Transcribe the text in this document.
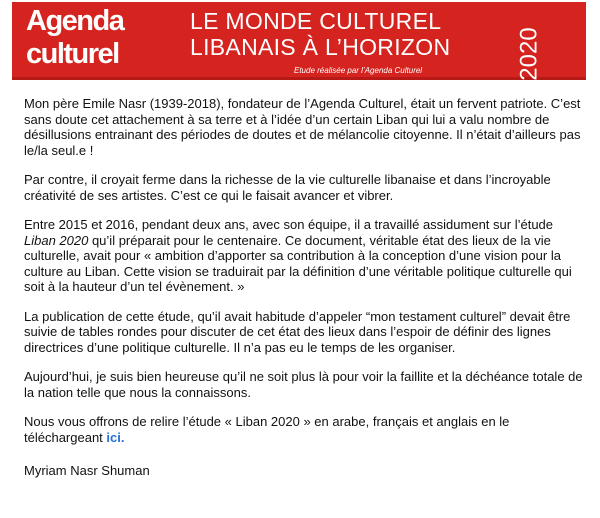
Agenda
culturel
LE MONDE CULTUREL
LIBANAIS À L’HORIZON
Etude réalisée par l’Agenda Culturel	2020

Mon père Emile Nasr (1939-2018), fondateur de l’Agenda Culturel, était un fervent patriote. C’est sans doute cet attachement à sa terre et à l’idée d’un certain Liban qui lui a valu nombre de désillusions entrainant des périodes de doutes et de mélancolie citoyenne. Il n’était d’ailleurs pas le/la seul.e !

Par contre, il croyait ferme dans la richesse de la vie culturelle libanaise et dans l’incroyable créativité de ses artistes. C’est ce qui le faisait avancer et vibrer.

Entre 2015 et 2016, pendant deux ans, avec son équipe, il a travaillé assidument sur l’étude Liban 2020 qu’il préparait pour le centenaire. Ce document, véritable état des lieux de la vie culturelle, avait pour « ambition d’apporter sa contribution à la conception d’une vision pour la culture au Liban. Cette vision se traduirait par la définition d’une véritable politique culturelle qui soit à la hauteur d’un tel évènement. »

La publication de cette étude, qu’il avait habitude d’appeler “mon testament culturel” devait être suivie de tables rondes pour discuter de cet état des lieux dans l’espoir de définir des lignes directrices d’une politique culturelle. Il n’a pas eu le temps de les organiser.

Aujourd’hui, je suis bien heureuse qu’il ne soit plus là pour voir la faillite et la déchéance totale de la nation telle que nous la connaissons.

Nous vous offrons de relire l’étude « Liban 2020 » en arabe, français et anglais en le téléchargeant ici.

Myriam Nasr Shuman
